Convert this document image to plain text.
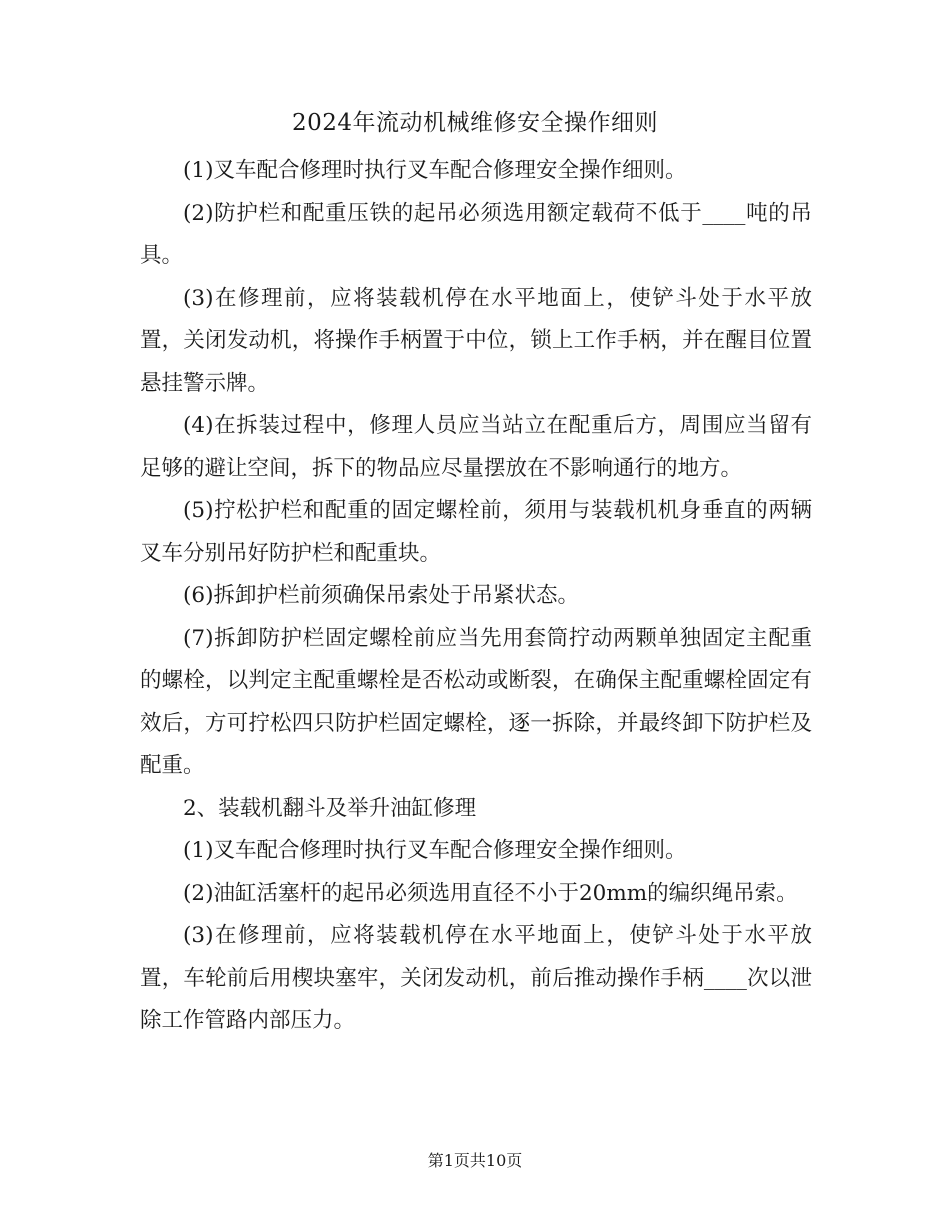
2024年流动机械维修安全操作细则

(1)叉车配合修理时执行叉车配合修理安全操作细则。

(2)防护栏和配重压铁的起吊必须选用额定载荷不低于____吨的吊具。

(3)在修理前，应将装载机停在水平地面上，使铲斗处于水平放置，关闭发动机，将操作手柄置于中位，锁上工作手柄，并在醒目位置悬挂警示牌。

(4)在拆装过程中，修理人员应当站立在配重后方，周围应当留有足够的避让空间，拆下的物品应尽量摆放在不影响通行的地方。

(5)拧松护栏和配重的固定螺栓前，须用与装载机机身垂直的两辆叉车分别吊好防护栏和配重块。

(6)拆卸护栏前须确保吊索处于吊紧状态。

(7)拆卸防护栏固定螺栓前应当先用套筒拧动两颗单独固定主配重的螺栓，以判定主配重螺栓是否松动或断裂，在确保主配重螺栓固定有效后，方可拧松四只防护栏固定螺栓，逐一拆除，并最终卸下防护栏及配重。

2、装载机翻斗及举升油缸修理

(1)叉车配合修理时执行叉车配合修理安全操作细则。

(2)油缸活塞杆的起吊必须选用直径不小于20mm的编织绳吊索。

(3)在修理前，应将装载机停在水平地面上，使铲斗处于水平放置，车轮前后用楔块塞牢，关闭发动机，前后推动操作手柄____次以泄除工作管路内部压力。

第1页共10页
